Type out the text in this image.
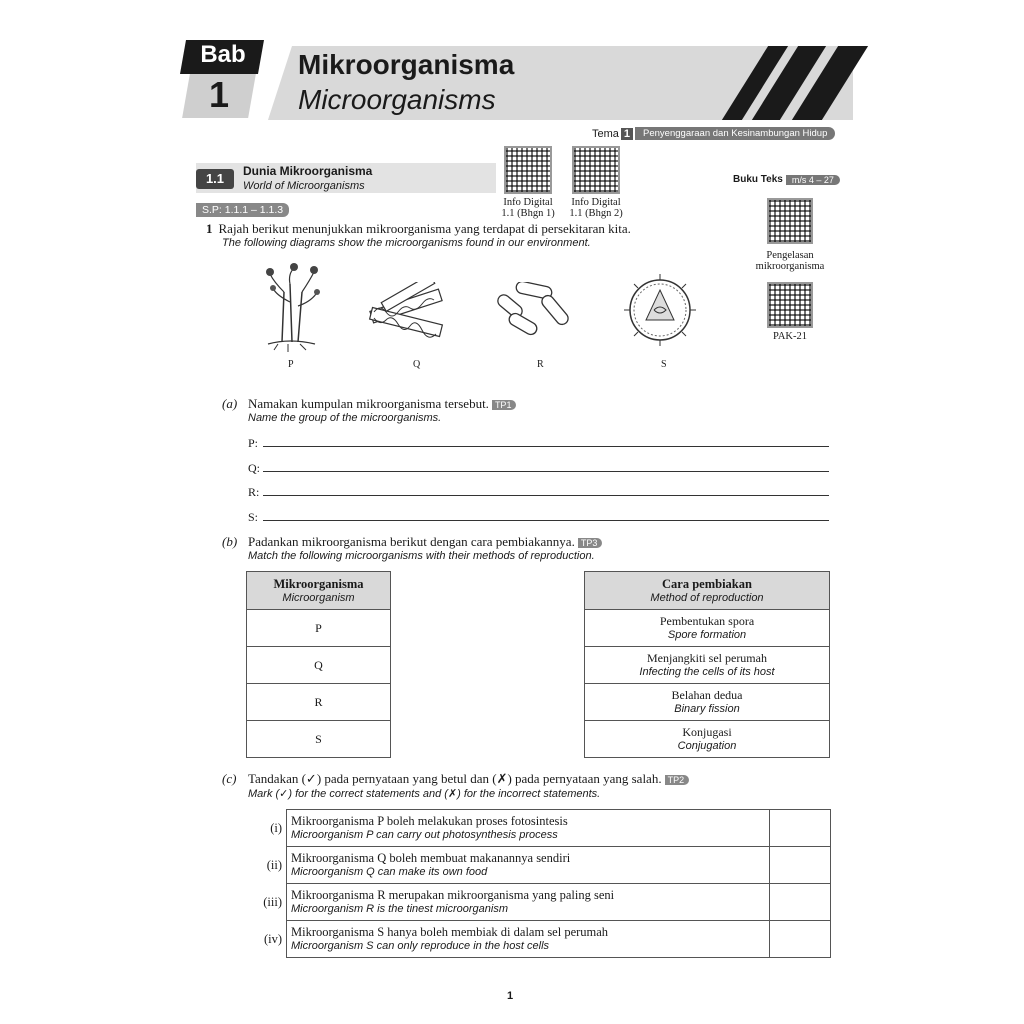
Bab
1
Mikroorganisma
Microorganisms
Tema 1	Penyenggaraan dan Kesinambungan Hidup
1.1	Dunia Mikroorganisma
World of Microorganisms
S.P: 1.1.1 – 1.1.3
Info Digital
1.1 (Bhgn 1)
Info Digital
1.1 (Bhgn 2)
Pengelasan
mikroorganisma
PAK-21
Buku Teks	m/s 4 – 27
1 Rajah berikut menunjukkan mikroorganisma yang terdapat di persekitaran kita.
The following diagrams show the microorganisms found in our environment.
P	Q	R	S
(a) Namakan kumpulan mikroorganisma tersebut. TP1
Name the group of the microorganisms.
P:
Q:
R:
S:
(b) Padankan mikroorganisma berikut dengan cara pembiakannya. TP3
Match the following microorganisms with their methods of reproduction.
Mikroorganisma
Microorganism

P
Q
R
S
Cara pembiakan
Method of reproduction

Pembentukan spora
Spore formation

Menjangkiti sel perumah
Infecting the cells of its host

Belahan dedua
Binary fission

Konjugasi
Conjugation
(c) Tandakan (✓) pada pernyataan yang betul dan (✗) pada pernyataan yang salah. TP2
Mark (✓) for the correct statements and (✗) for the incorrect statements.
(i)	Mikroorganisma P boleh melakukan proses fotosintesis
Microorganism P can carry out photosynthesis process	

(ii)	Mikroorganisma Q boleh membuat makanannya sendiri
Microorganism Q can make its own food	

(iii)	Mikroorganisma R merupakan mikroorganisma yang paling seni
Microorganism R is the tinest microorganism	

(iv)	Mikroorganisma S hanya boleh membiak di dalam sel perumah
Microorganism S can only reproduce in the host cells	

1
